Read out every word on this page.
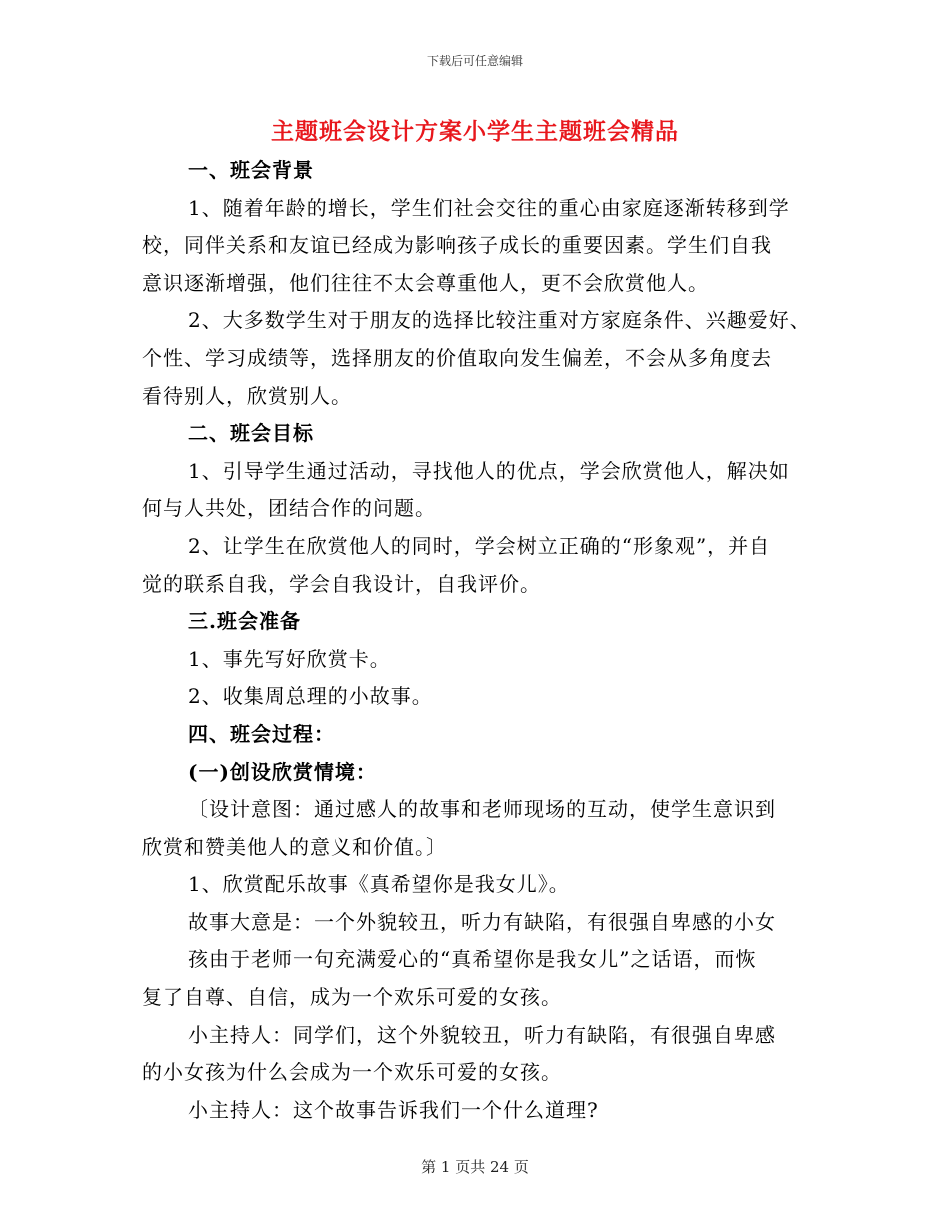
下载后可任意编辑
主题班会设计方案小学生主题班会精品
一、班会背景
1、随着年龄的增长，学生们社会交往的重心由家庭逐渐转移到学
校，同伴关系和友谊已经成为影响孩子成长的重要因素。学生们自我
意识逐渐增强，他们往往不太会尊重他人，更不会欣赏他人。
2、大多数学生对于朋友的选择比较注重对方家庭条件、兴趣爱好、
个性、学习成绩等，选择朋友的价值取向发生偏差，不会从多角度去
看待别人，欣赏别人。
二、班会目标
1、引导学生通过活动，寻找他人的优点，学会欣赏他人，解决如
何与人共处，团结合作的问题。
2、让学生在欣赏他人的同时，学会树立正确的“形象观”，并自
觉的联系自我，学会自我设计，自我评价。
三.班会准备
1、事先写好欣赏卡。
2、收集周总理的小故事。
四、班会过程：
(一)创设欣赏情境：
〔设计意图：通过感人的故事和老师现场的互动，使学生意识到
欣赏和赞美他人的意义和价值。〕
1、欣赏配乐故事《真希望你是我女儿》。
故事大意是：一个外貌较丑，听力有缺陷，有很强自卑感的小女
孩由于老师一句充满爱心的“真希望你是我女儿”之话语，而恢
复了自尊、自信，成为一个欢乐可爱的女孩。
小主持人：同学们，这个外貌较丑，听力有缺陷，有很强自卑感
的小女孩为什么会成为一个欢乐可爱的女孩。
小主持人：这个故事告诉我们一个什么道理?
第 1 页共 24 页
